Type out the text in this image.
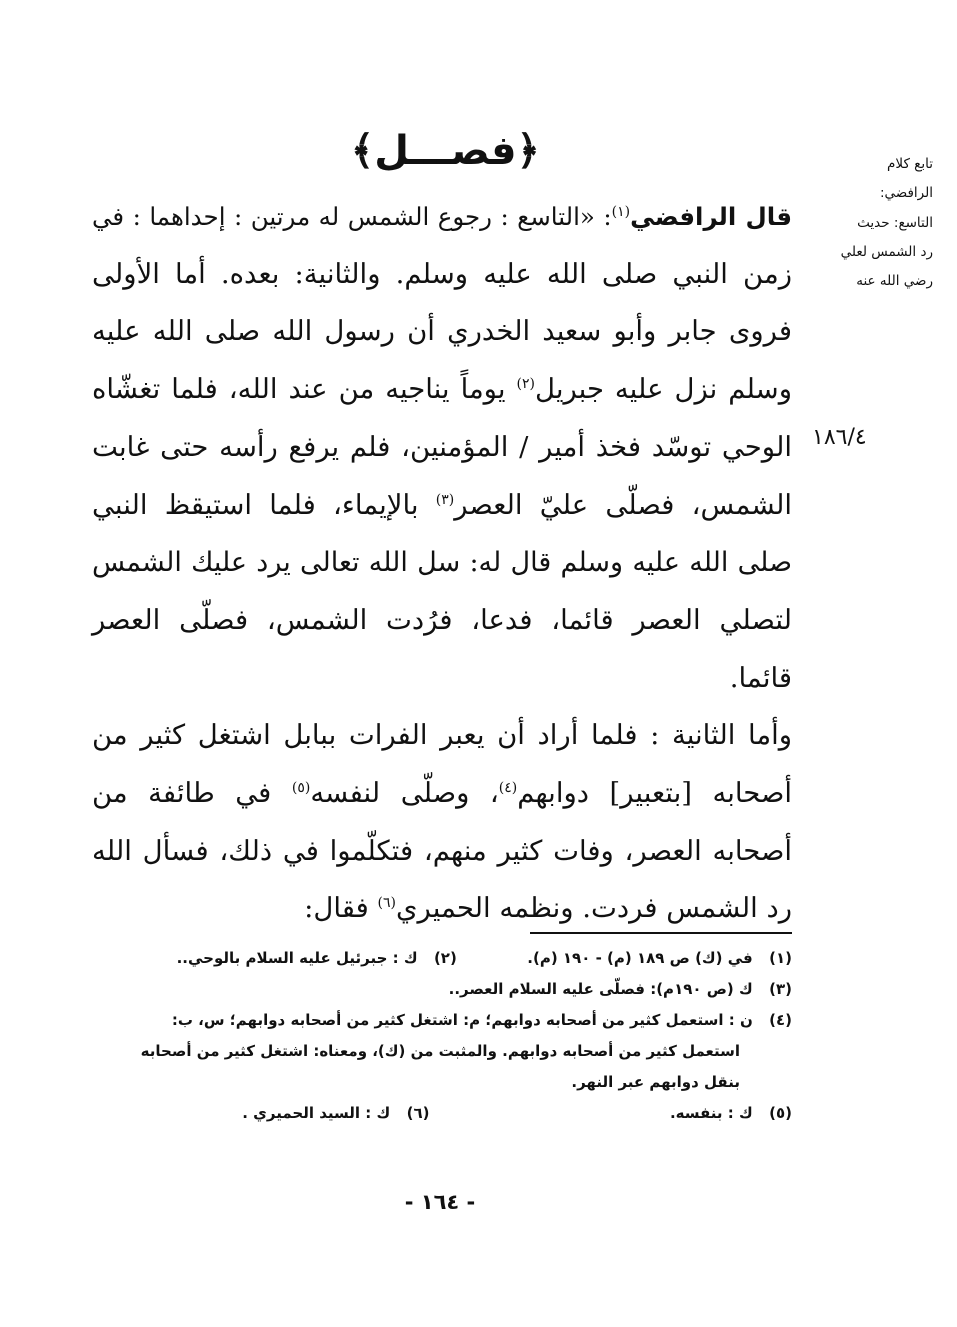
تابع كلام
الرافضي:
التاسع: حديث
رد الشمس لعلي
رضي الله عنه
١٨٦/٤
﴿فصـــل﴾
قال الرافضي$^{(١)}$: «التاسع : رجوع الشمس له مرتين : إحداهما : في
زمن النبي صلى الله عليه وسلم. والثانية: بعده. أما الأولى
فروى جابر وأبو سعيد الخدري أن رسول الله صلى الله عليه
وسلم نزل عليه جبريل$^{(٢)}$ يوماً يناجيه من عند الله، فلما تغشّاه
الوحي توسّد فخذ أمير / المؤمنين، فلم يرفع رأسه حتى غابت
الشمس، فصلّى عليّ العصر$^{(٣)}$ بالإيماء، فلما استيقظ النبي
صلى الله عليه وسلم قال له: سل الله تعالى يرد عليك الشمس
لتصلي العصر قائما، فدعا، فرُدت الشمس، فصلّى العصر
قائما.
وأما الثانية : فلما أراد أن يعبر الفرات ببابل اشتغل كثير من
أصحابه [بتعبير] دوابهم$^{(٤)}$، وصلّى لنفسه$^{(٥)}$ في طائفة من
أصحابه العصر، وفات كثير منهم، فتكلّموا في ذلك، فسأل الله
رد الشمس فردت. ونظمه الحميري$^{(٦)}$ فقال:
(١) في (ك) ص ١٨٩ (م) - ١٩٠ (م).  (٢) ك : جبرئيل عليه السلام بالوحي..
(٣) ك (ص ١٩٠م): فصلّى عليه السلام العصر..
(٤) ن : استعمل كثير من أصحابه دوابهم؛ م: اشتغل كثير من أصحابه دوابهم؛ س، ب:
استعمل كثير من أصحابه دوابهم. والمثبت من (ك)، ومعناه: اشتغل كثير من أصحابه
بنقل دوابهم عبر النهر.
(٥) ك : بنفسه.  (٦) ك : السيد الحميري .
- ١٦٤ -
